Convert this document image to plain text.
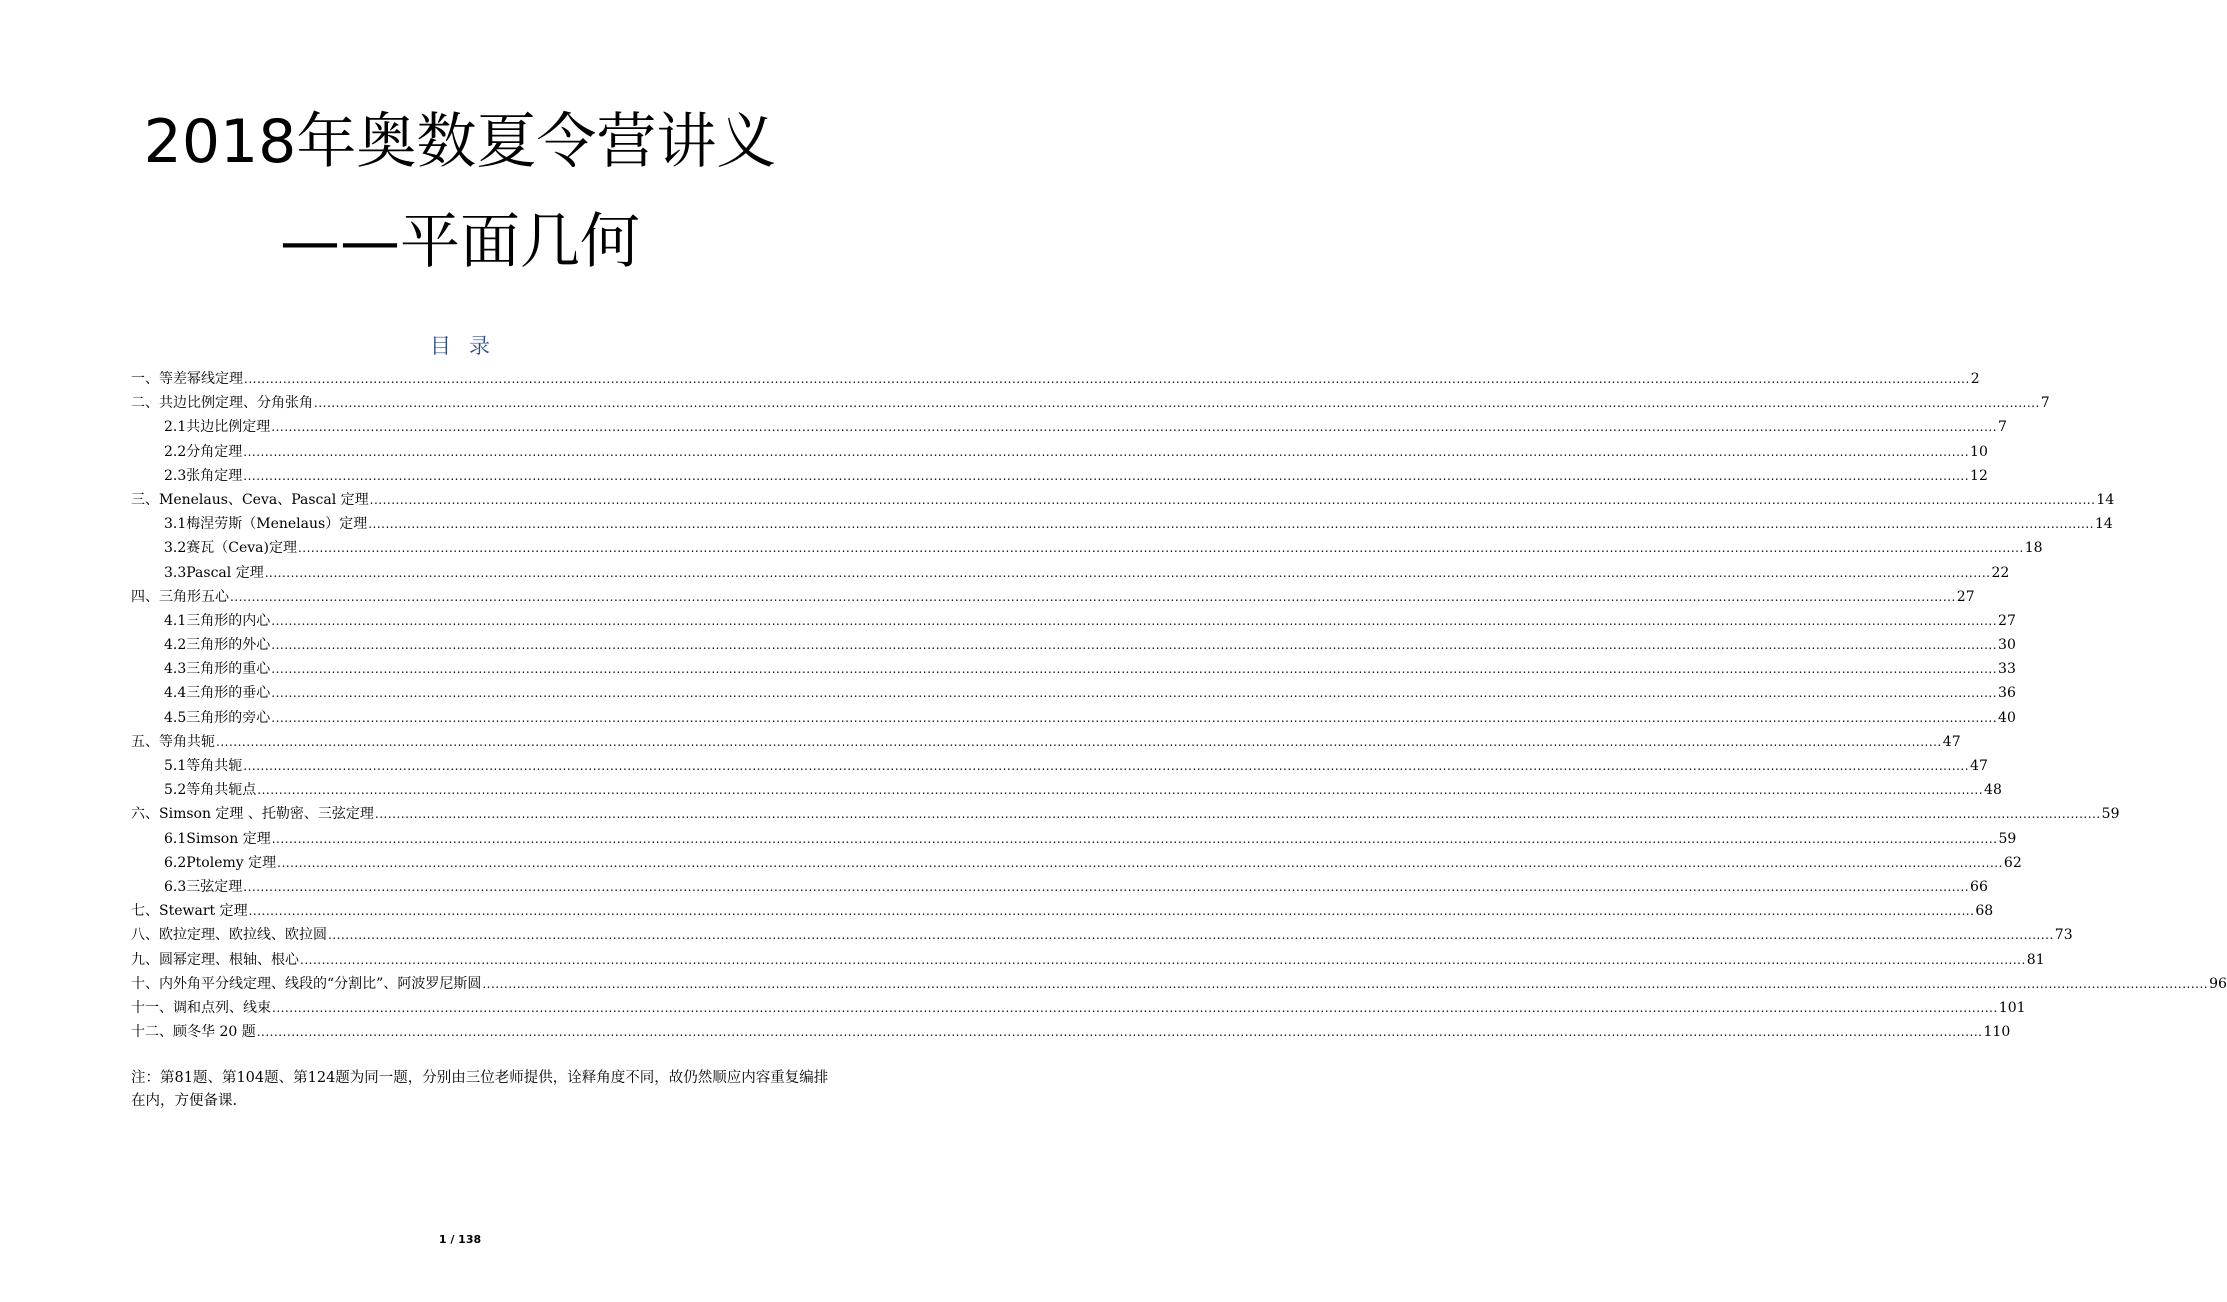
2018年奥数夏令营讲义
——平面几何
目录
一、等差幂线定理 ................................................................................................................................................................................................................................................................................................................................................................................................................ 2
二、共边比例定理、分角张角 ................................................................................................................................................................................................................................................................................................................................................................................................................ 7
2.1 共边比例定理 ................................................................................................................................................................................................................................................................................................................................................................................................................ 7
2.2 分角定理 ................................................................................................................................................................................................................................................................................................................................................................................................................ 10
2.3 张角定理 ................................................................................................................................................................................................................................................................................................................................................................................................................ 12
三、Menelaus、Ceva、Pascal 定理 ................................................................................................................................................................................................................................................................................................................................................................................................................ 14
3.1 梅涅劳斯（Menelaus）定理 ................................................................................................................................................................................................................................................................................................................................................................................................................ 14
3.2 赛瓦（Ceva)定理 ................................................................................................................................................................................................................................................................................................................................................................................................................ 18
3.3 Pascal 定理 ................................................................................................................................................................................................................................................................................................................................................................................................................ 22
四、三角形五心 ................................................................................................................................................................................................................................................................................................................................................................................................................ 27
4.1 三角形的内心 ................................................................................................................................................................................................................................................................................................................................................................................................................ 27
4.2 三角形的外心 ................................................................................................................................................................................................................................................................................................................................................................................................................ 30
4.3 三角形的重心 ................................................................................................................................................................................................................................................................................................................................................................................................................ 33
4.4 三角形的垂心 ................................................................................................................................................................................................................................................................................................................................................................................................................ 36
4.5 三角形的旁心 ................................................................................................................................................................................................................................................................................................................................................................................................................ 40
五、等角共轭 ................................................................................................................................................................................................................................................................................................................................................................................................................ 47
5.1 等角共轭 ................................................................................................................................................................................................................................................................................................................................................................................................................ 47
5.2 等角共轭点 ................................................................................................................................................................................................................................................................................................................................................................................................................ 48
六、Simson 定理 、托勒密、三弦定理 ................................................................................................................................................................................................................................................................................................................................................................................................................ 59
6.1 Simson 定理 ................................................................................................................................................................................................................................................................................................................................................................................................................ 59
6.2 Ptolemy 定理 ................................................................................................................................................................................................................................................................................................................................................................................................................ 62
6.3 三弦定理 ................................................................................................................................................................................................................................................................................................................................................................................................................ 66
七、Stewart 定理 ................................................................................................................................................................................................................................................................................................................................................................................................................ 68
八、欧拉定理、欧拉线、欧拉圆 ................................................................................................................................................................................................................................................................................................................................................................................................................ 73
九、圆幂定理、根轴、根心 ................................................................................................................................................................................................................................................................................................................................................................................................................ 81
十、内外角平分线定理、线段的“分割比”、阿波罗尼斯圆 ................................................................................................................................................................................................................................................................................................................................................................................................................ 96
十一、调和点列、线束 ................................................................................................................................................................................................................................................................................................................................................................................................................ 101
十二、顾冬华 20 题 ................................................................................................................................................................................................................................................................................................................................................................................................................ 110

注：第81题、第104题、第124题为同一题，分别由三位老师提供，诠释角度不同，故仍然顺应内容重复编排在内，方便备课.

1 / 138
